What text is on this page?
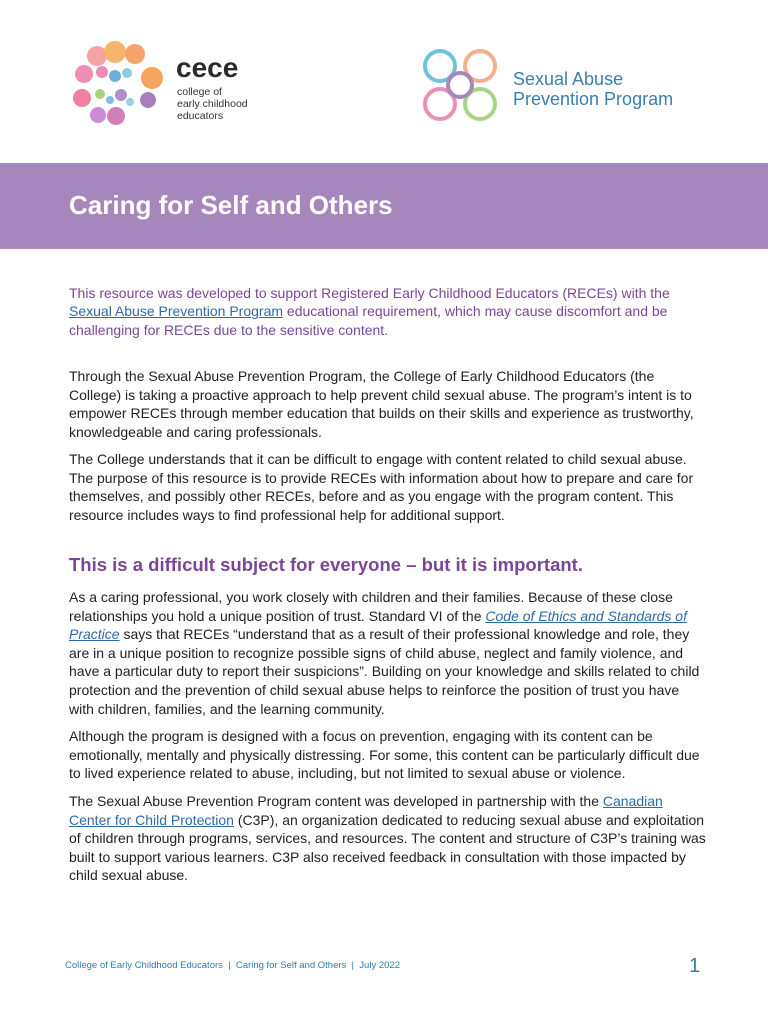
cece
college of
early childhood
educators
Sexual Abuse
Prevention Program
Caring for Self and Others

This resource was developed to support Registered Early Childhood Educators (RECEs) with the Sexual Abuse Prevention Program educational requirement, which may cause discomfort and be challenging for RECEs due to the sensitive content.

Through the Sexual Abuse Prevention Program, the College of Early Childhood Educators (the College) is taking a proactive approach to help prevent child sexual abuse. The program’s intent is to empower RECEs through member education that builds on their skills and experience as trustworthy, knowledgeable and caring professionals.

The College understands that it can be difficult to engage with content related to child sexual abuse. The purpose of this resource is to provide RECEs with information about how to prepare and care for themselves, and possibly other RECEs, before and as you engage with the program content. This resource includes ways to find professional help for additional support.

This is a difficult subject for everyone – but it is important.

As a caring professional, you work closely with children and their families. Because of these close relationships you hold a unique position of trust. Standard VI of the Code of Ethics and Standards of Practice says that RECEs “understand that as a result of their professional knowledge and role, they are in a unique position to recognize possible signs of child abuse, neglect and family violence, and have a particular duty to report their suspicions”. Building on your knowledge and skills related to child protection and the prevention of child sexual abuse helps to reinforce the position of trust you have with children, families, and the learning community.

Although the program is designed with a focus on prevention, engaging with its content can be emotionally, mentally and physically distressing. For some, this content can be particularly difficult due to lived experience related to abuse, including, but not limited to sexual abuse or violence.

The Sexual Abuse Prevention Program content was developed in partnership with the Canadian Center for Child Protection (C3P), an organization dedicated to reducing sexual abuse and exploitation of children through programs, services, and resources. The content and structure of C3P’s training was built to support various learners. C3P also received feedback in consultation with those impacted by child sexual abuse.

College of Early Childhood Educators  |  Caring for Self and Others  |  July 2022	1
